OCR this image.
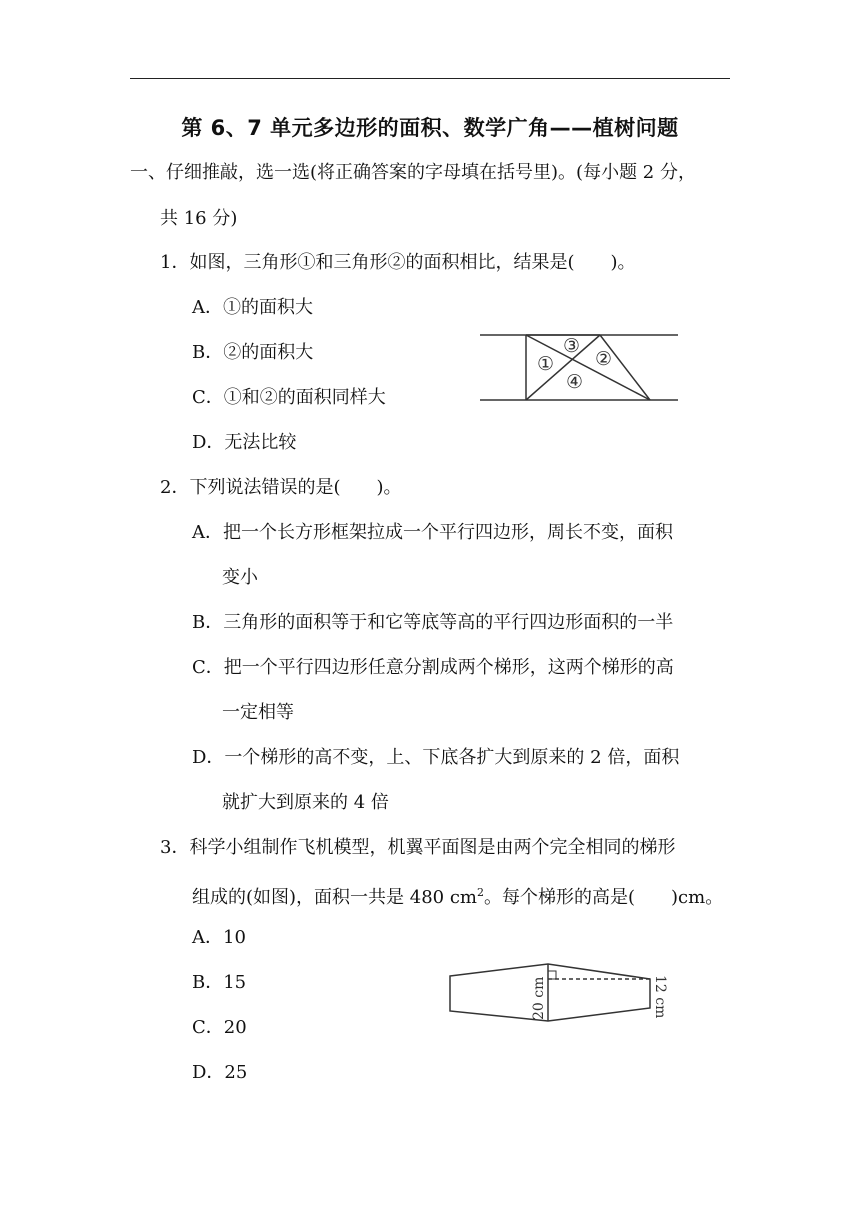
第 6、7 单元多边形的面积、数学广角——植树问题
一、仔细推敲，选一选(将正确答案的字母填在括号里)。(每小题 2 分，
共 16 分)
1．如图，三角形①和三角形②的面积相比，结果是(　　)。
A．①的面积大
B．②的面积大
C．①和②的面积同样大
D．无法比较
①
③
②
④
2．下列说法错误的是(　　)。
A．把一个长方形框架拉成一个平行四边形，周长不变，面积
变小
B．三角形的面积等于和它等底等高的平行四边形面积的一半
C．把一个平行四边形任意分割成两个梯形，这两个梯形的高
一定相等
D．一个梯形的高不变，上、下底各扩大到原来的 2 倍，面积
就扩大到原来的 4 倍
3．科学小组制作飞机模型，机翼平面图是由两个完全相同的梯形
组成的(如图)，面积一共是 480 $cm^2$。每个梯形的高是(　　)cm。
A．10
B．15
C．20
D．25
20 cm	12 cm
